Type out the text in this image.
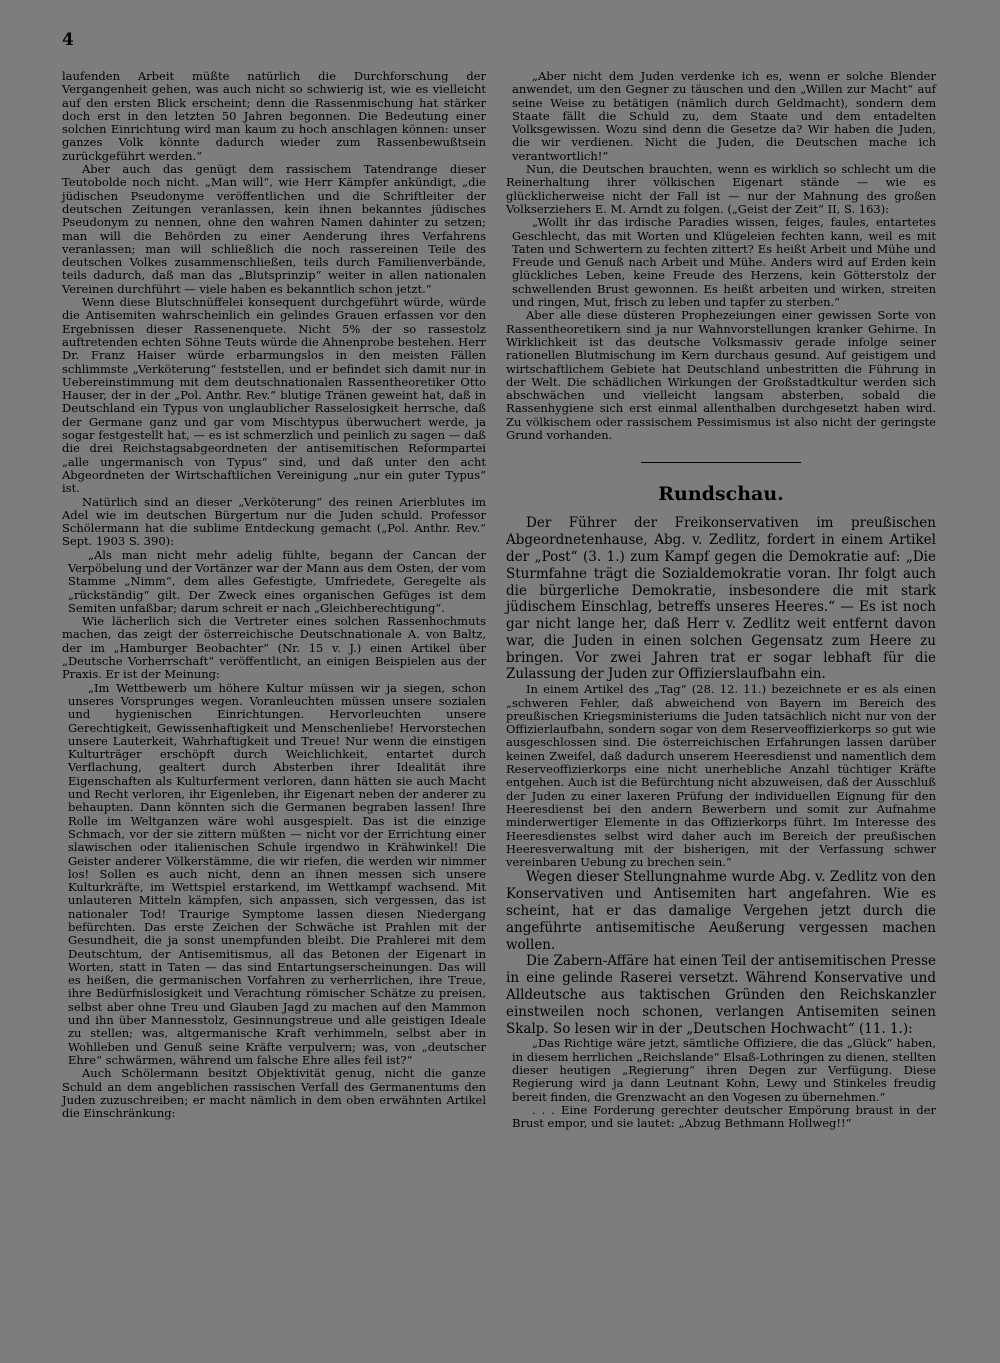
4

laufenden Arbeit müßte natürlich die Durchforschung der Vergangenheit gehen, was auch nicht so schwierig ist, wie es vielleicht auf den ersten Blick erscheint; denn die Rassenmischung hat stärker doch erst in den letzten 50 Jahren begonnen. Die Bedeutung einer solchen Einrichtung wird man kaum zu hoch anschlagen können: unser ganzes Volk könnte dadurch wieder zum Rassenbewußtsein zurückgeführt werden.“

Aber auch das genügt dem rassischem Tatendrange dieser Teutobolde noch nicht. „Man will“, wie Herr Kämpfer ankündigt, „die jüdischen Pseudonyme veröffentlichen und die Schriftleiter der deutschen Zeitungen veranlassen, kein ihnen bekanntes jüdisches Pseudonym zu nennen, ohne den wahren Namen dahinter zu setzen; man will die Behörden zu einer Aenderung ihres Verfahrens veranlassen; man will schließlich die noch rassereinen Teile des deutschen Volkes zusammenschließen, teils durch Familienverbände, teils dadurch, daß man das „Blutsprinzip“ weiter in allen nationalen Vereinen durchführt — viele haben es bekanntlich schon jetzt.“

Wenn diese Blutschnüffelei konsequent durchgeführt würde, würde die Antisemiten wahrscheinlich ein gelindes Grauen erfassen vor den Ergebnissen dieser Rassenenquete. Nicht 5% der so rassestolz auftretenden echten Söhne Teuts würde die Ahnenprobe bestehen. Herr Dr. Franz Haiser würde erbarmungslos in den meisten Fällen schlimmste „Verköterung“ feststellen, und er befindet sich damit nur in Uebereinstimmung mit dem deutschnationalen Rassentheoretiker Otto Hauser, der in der „Pol. Anthr. Rev.“ blutige Tränen geweint hat, daß in Deutschland ein Typus von unglaublicher Rasselosigkeit herrsche, daß der Germane ganz und gar vom Mischtypus überwuchert werde, ja sogar festgestellt hat, — es ist schmerzlich und peinlich zu sagen — daß die drei Reichstagsabgeordneten der antisemitischen Reformpartei „alle ungermanisch von Typus“ sind, und daß unter den acht Abgeordneten der Wirtschaftlichen Vereinigung „nur ein guter Typus“ ist.

Natürlich sind an dieser „Verköterung“ des reinen Arierblutes im Adel wie im deutschen Bürgertum nur die Juden schuld. Professor Schölermann hat die sublime Entdeckung gemacht („Pol. Anthr. Rev.“ Sept. 1903 S. 390):

„Als man nicht mehr adelig fühlte, begann der Cancan der Verpöbelung und der Vortänzer war der Mann aus dem Osten, der vom Stamme „Nimm“, dem alles Gefestigte, Umfriedete, Geregelte als „rückständig“ gilt. Der Zweck eines organischen Gefüges ist dem Semiten unfaßbar; darum schreit er nach „Gleichberechtigung“.

Wie lächerlich sich die Vertreter eines solchen Rassenhochmuts machen, das zeigt der österreichische Deutschnationale A. von Baltz, der im „Hamburger Beobachter“ (Nr. 15 v. J.) einen Artikel über „Deutsche Vorherrschaft“ veröffentlicht, an einigen Beispielen aus der Praxis. Er ist der Meinung:

„Im Wettbewerb um höhere Kultur müssen wir ja siegen, schon unseres Vorsprunges wegen. Voranleuchten müssen unsere sozialen und hygienischen Einrichtungen. Hervorleuchten unsere Gerechtigkeit, Gewissenhaftigkeit und Menschenliebe! Hervorstechen unsere Lauterkeit, Wahrhaftigkeit und Treue! Nur wenn die einstigen Kulturträger erschöpft durch Weichlichkeit, entartet durch Verflachung, gealtert durch Absterben ihrer Idealität ihre Eigenschaften als Kulturferment verloren, dann hätten sie auch Macht und Recht verloren, ihr Eigenleben, ihr Eigenart neben der anderer zu behaupten. Dann könnten sich die Germanen begraben lassen! Ihre Rolle im Weltganzen wäre wohl ausgespielt. Das ist die einzige Schmach, vor der sie zittern müßten — nicht vor der Errichtung einer slawischen oder italienischen Schule irgendwo in Krähwinkel! Die Geister anderer Völkerstämme, die wir riefen, die werden wir nimmer los! Sollen es auch nicht, denn an ihnen messen sich unsere Kulturkräfte, im Wettspiel erstarkend, im Wettkampf wachsend. Mit unlauteren Mitteln kämpfen, sich anpassen, sich vergessen, das ist nationaler Tod! Traurige Symptome lassen diesen Niedergang befürchten. Das erste Zeichen der Schwäche ist Prahlen mit der Gesundheit, die ja sonst unempfunden bleibt. Die Prahlerei mit dem Deutschtum, der Antisemitismus, all das Betonen der Eigenart in Worten, statt in Taten — das sind Entartungserscheinungen. Das will es heißen, die germanischen Vorfahren zu verherrlichen, ihre Treue, ihre Bedürfnislosigkeit und Verachtung römischer Schätze zu preisen, selbst aber ohne Treu und Glauben Jagd zu machen auf den Mammon und ihn über Mannesstolz, Gesinnungstreue und alle geistigen Ideale zu stellen; was, altgermanische Kraft verhimmeln, selbst aber in Wohlleben und Genuß seine Kräfte verpulvern; was, von „deutscher Ehre“ schwärmen, während um falsche Ehre alles feil ist?“

Auch Schölermann besitzt Objektivität genug, nicht die ganze Schuld an dem angeblichen rassischen Verfall des Germanentums den Juden zuzuschreiben; er macht nämlich in dem oben erwähnten Artikel die Einschränkung:

„Aber nicht dem Juden verdenke ich es, wenn er solche Blender anwendet, um den Gegner zu täuschen und den „Willen zur Macht“ auf seine Weise zu betätigen (nämlich durch Geldmacht), sondern dem Staate fällt die Schuld zu, dem Staate und dem entadelten Volksgewissen. Wozu sind denn die Gesetze da? Wir haben die Juden, die wir verdienen. Nicht die Juden, die Deutschen mache ich verantwortlich!“

Nun, die Deutschen brauchten, wenn es wirklich so schlecht um die Reinerhaltung ihrer völkischen Eigenart stände — wie es glücklicherweise nicht der Fall ist — nur der Mahnung des großen Volkserziehers E. M. Arndt zu folgen. („Geist der Zeit“ II, S. 163):

„Wollt ihr das irdische Paradies wissen, feiges, faules, entartetes Geschlecht, das mit Worten und Klügeleien fechten kann, weil es mit Taten und Schwertern zu fechten zittert? Es heißt Arbeit und Mühe und Freude und Genuß nach Arbeit und Mühe. Anders wird auf Erden kein glückliches Leben, keine Freude des Herzens, kein Götterstolz der schwellenden Brust gewonnen. Es heißt arbeiten und wirken, streiten und ringen, Mut, frisch zu leben und tapfer zu sterben.“

Aber alle diese düsteren Prophezeiungen einer gewissen Sorte von Rassentheoretikern sind ja nur Wahnvorstellungen kranker Gehirne. In Wirklichkeit ist das deutsche Volksmassiv gerade infolge seiner rationellen Blutmischung im Kern durchaus gesund. Auf geistigem und wirtschaftlichem Gebiete hat Deutschland unbestritten die Führung in der Welt. Die schädlichen Wirkungen der Großstadtkultur werden sich abschwächen und vielleicht langsam absterben, sobald die Rassenhygiene sich erst einmal allenthalben durchgesetzt haben wird. Zu völkischem oder rassischem Pessimismus ist also nicht der geringste Grund vorhanden.

Rundschau.

Der Führer der Freikonservativen im preußischen Abgeordnetenhause, Abg. v. Zedlitz, fordert in einem Artikel der „Post“ (3. 1.) zum Kampf gegen die Demokratie auf: „Die Sturmfahne trägt die Sozialdemokratie voran. Ihr folgt auch die bürgerliche Demokratie, insbesondere die mit stark jüdischem Einschlag, betreffs unseres Heeres.“ — Es ist noch gar nicht lange her, daß Herr v. Zedlitz weit entfernt davon war, die Juden in einen solchen Gegensatz zum Heere zu bringen. Vor zwei Jahren trat er sogar lebhaft für die Zulassung der Juden zur Offizierslaufbahn ein.

In einem Artikel des „Tag“ (28. 12. 11.) bezeichnete er es als einen „schweren Fehler, daß abweichend von Bayern im Bereich des preußischen Kriegsministeriums die Juden tatsächlich nicht nur von der Offizierlaufbahn, sondern sogar von dem Reserveoffizierkorps so gut wie ausgeschlossen sind. Die österreichischen Erfahrungen lassen darüber keinen Zweifel, daß dadurch unserem Heeresdienst und namentlich dem Reserveoffizierkorps eine nicht unerhebliche Anzahl tüchtiger Kräfte entgehen. Auch ist die Befürchtung nicht abzuweisen, daß der Ausschluß der Juden zu einer laxeren Prüfung der individuellen Eignung für den Heeresdienst bei den andern Bewerbern und somit zur Aufnahme minderwertiger Elemente in das Offizierkorps führt. Im Interesse des Heeresdienstes selbst wird daher auch im Bereich der preußischen Heeresverwaltung mit der bisherigen, mit der Verfassung schwer vereinbaren Uebung zu brechen sein.“

Wegen dieser Stellungnahme wurde Abg. v. Zedlitz von den Konservativen und Antisemiten hart angefahren. Wie es scheint, hat er das damalige Vergehen jetzt durch die angeführte antisemitische Aeußerung vergessen machen wollen.

Die Zabern-Affäre hat einen Teil der antisemitischen Presse in eine gelinde Raserei versetzt. Während Konservative und Alldeutsche aus taktischen Gründen den Reichskanzler einstweilen noch schonen, verlangen Antisemiten seinen Skalp. So lesen wir in der „Deutschen Hochwacht“ (11. 1.):

„Das Richtige wäre jetzt, sämtliche Offiziere, die das „Glück“ haben, in diesem herrlichen „Reichslande“ Elsaß-Lothringen zu dienen, stellten dieser heutigen „Regierung“ ihren Degen zur Verfügung. Diese Regierung wird ja dann Leutnant Kohn, Lewy und Stinkeles freudig bereit finden, die Grenzwacht an den Vogesen zu übernehmen.“

. . . Eine Forderung gerechter deutscher Empörung braust in der Brust empor, und sie lautet: „Abzug Bethmann Hollweg!!“
